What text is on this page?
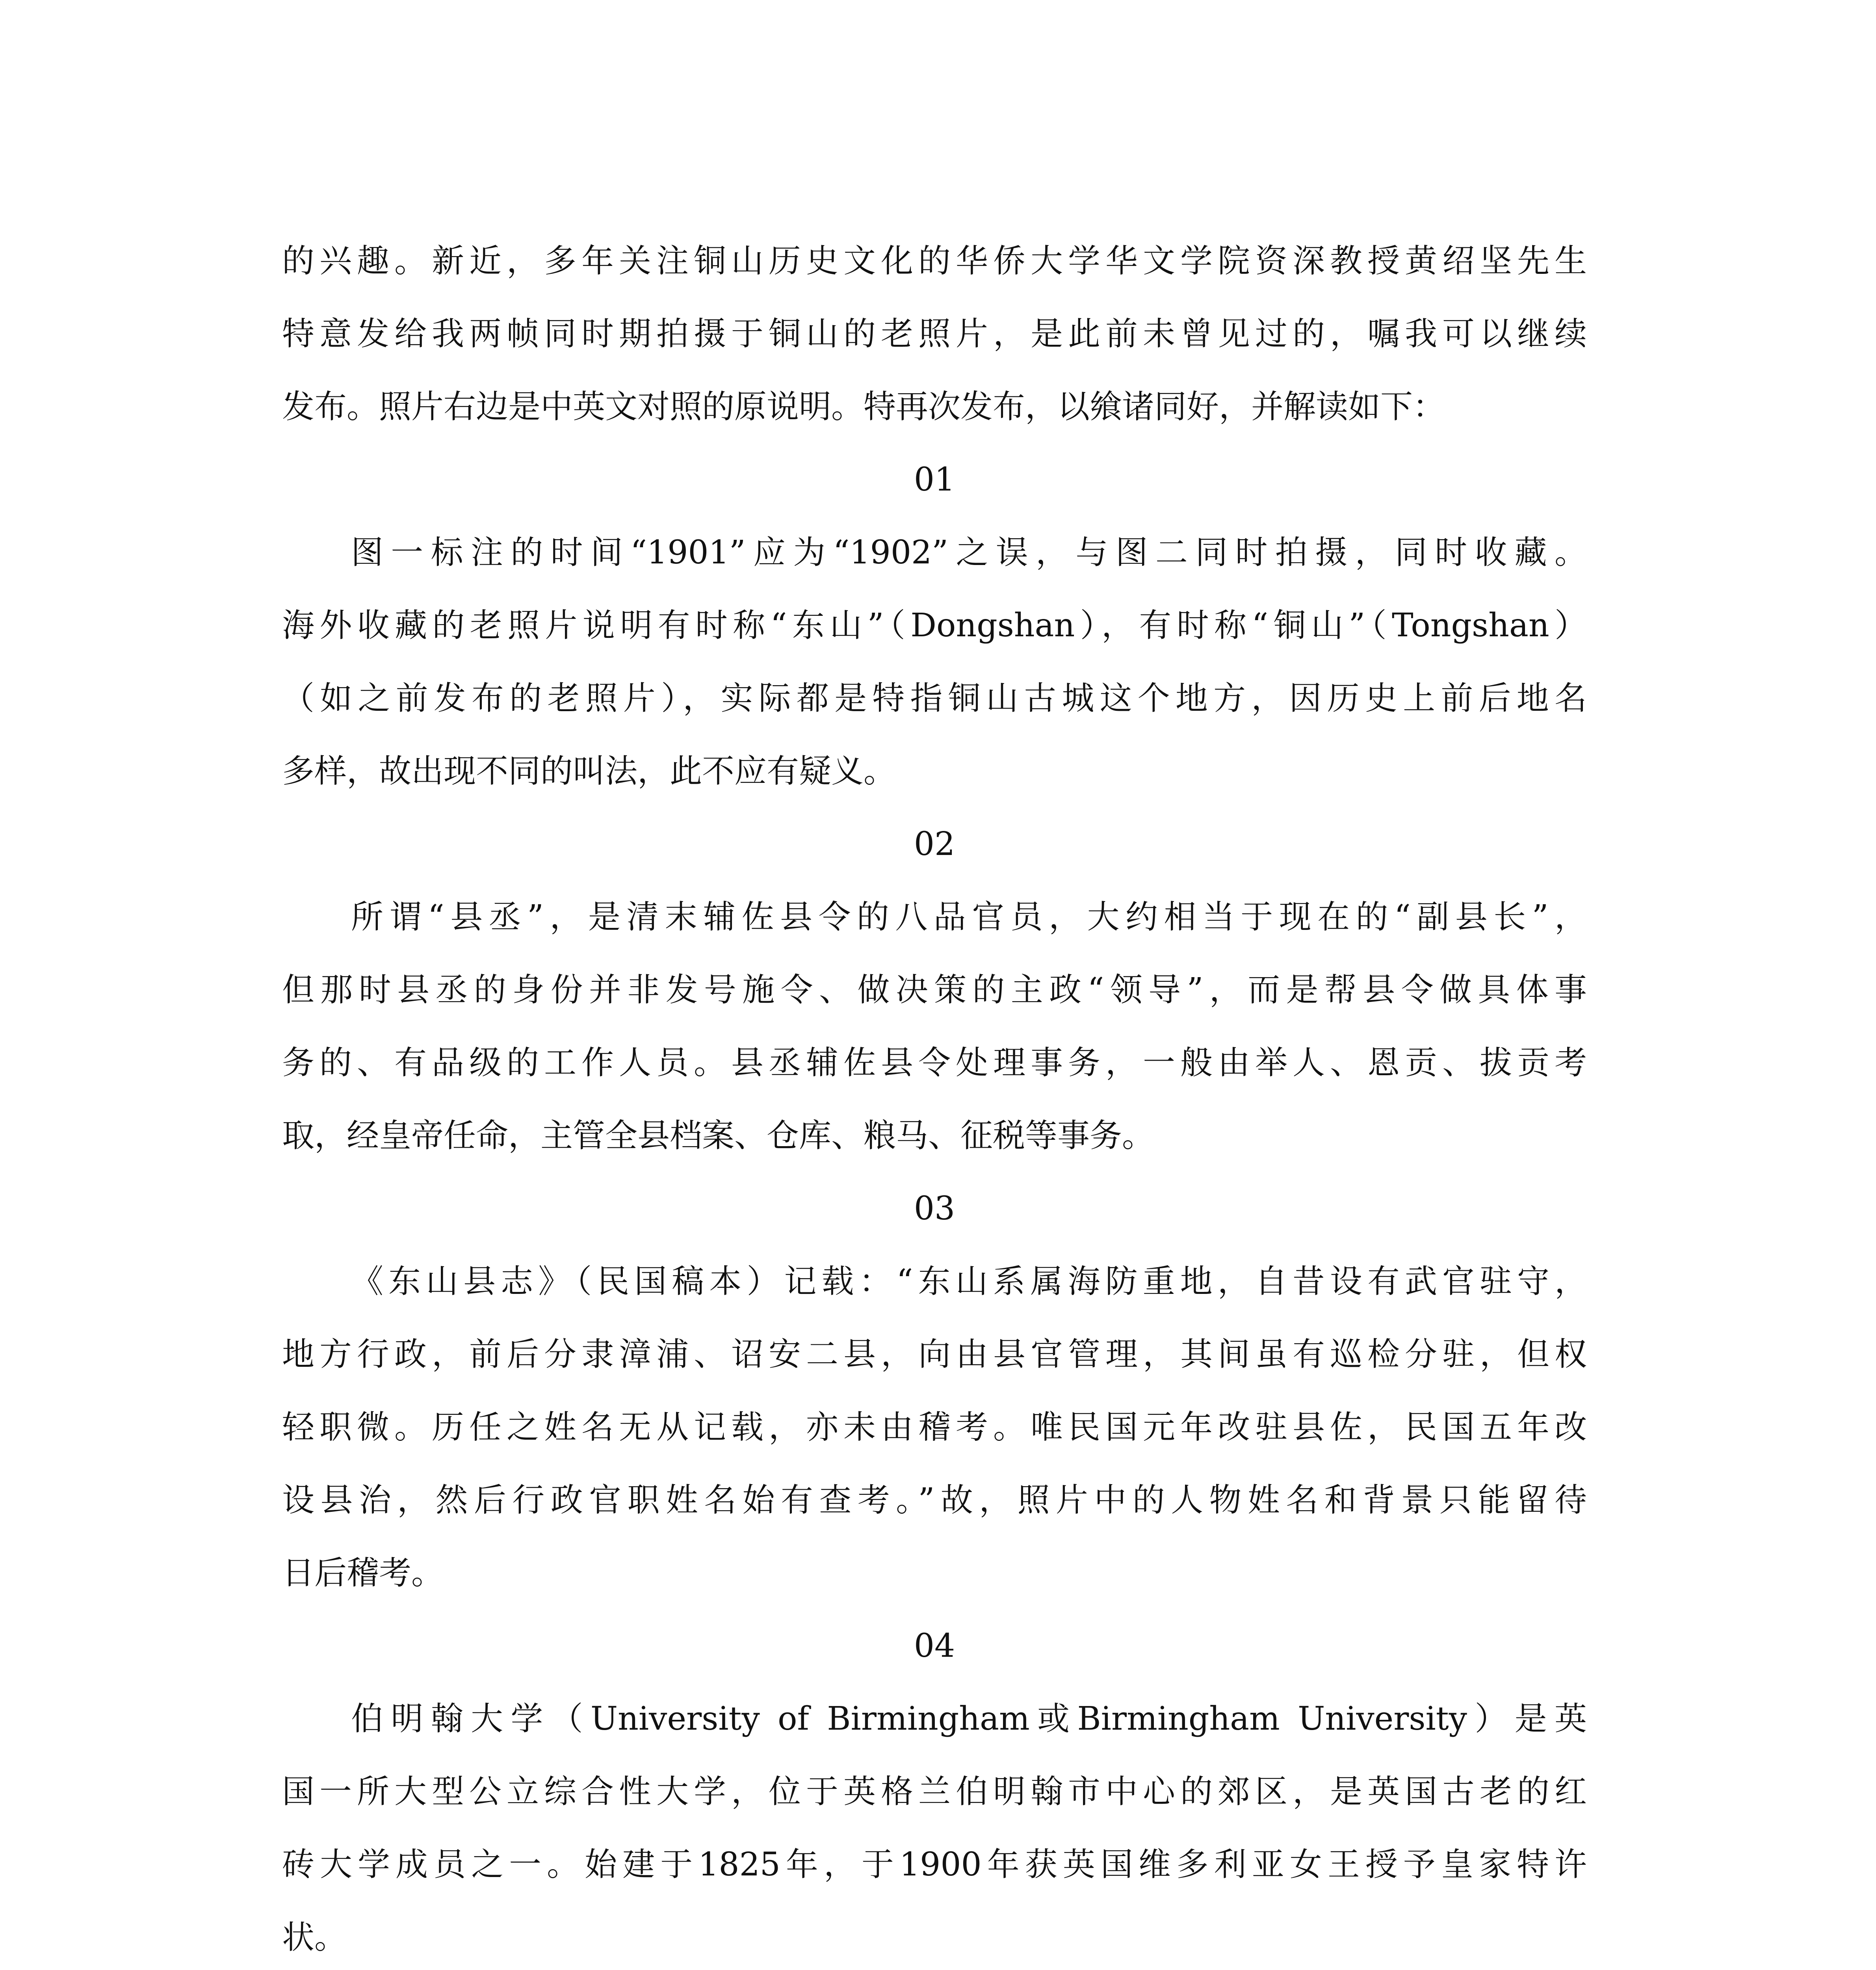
的兴趣。新近，多年关注铜山历史文化的华侨大学华文学院资深教授黄绍坚先生
特意发给我两帧同时期拍摄于铜山的老照片，是此前未曾见过的，嘱我可以继续
发布。照片右边是中英文对照的原说明。特再次发布，以飨诸同好，并解读如下：
01
图一标注的时间“1901”应为“1902”之误，与图二同时拍摄，同时收藏。
海外收藏的老照片说明有时称“东山”（Dongshan），有时称“铜山”（Tongshan）
（如之前发布的老照片），实际都是特指铜山古城这个地方，因历史上前后地名
多样，故出现不同的叫法，此不应有疑义。
02
所谓“县丞”，是清末辅佐县令的八品官员，大约相当于现在的“副县长”，
但那时县丞的身份并非发号施令、做决策的主政“领导”，而是帮县令做具体事
务的、有品级的工作人员。县丞辅佐县令处理事务，一般由举人、恩贡、拔贡考
取，经皇帝任命，主管全县档案、仓库、粮马、征税等事务。
03
《东山县志》（民国稿本）记载：“东山系属海防重地，自昔设有武官驻守，
地方行政，前后分隶漳浦、诏安二县，向由县官管理，其间虽有巡检分驻，但权
轻职微。历任之姓名无从记载，亦未由稽考。唯民国元年改驻县佐，民国五年改
设县治，然后行政官职姓名始有查考。”故，照片中的人物姓名和背景只能留待
日后稽考。
04
伯明翰大学（University of Birmingham或Birmingham University）是英
国一所大型公立综合性大学，位于英格兰伯明翰市中心的郊区，是英国古老的红
砖大学成员之一。始建于1825年，于1900年获英国维多利亚女王授予皇家特许
状。
